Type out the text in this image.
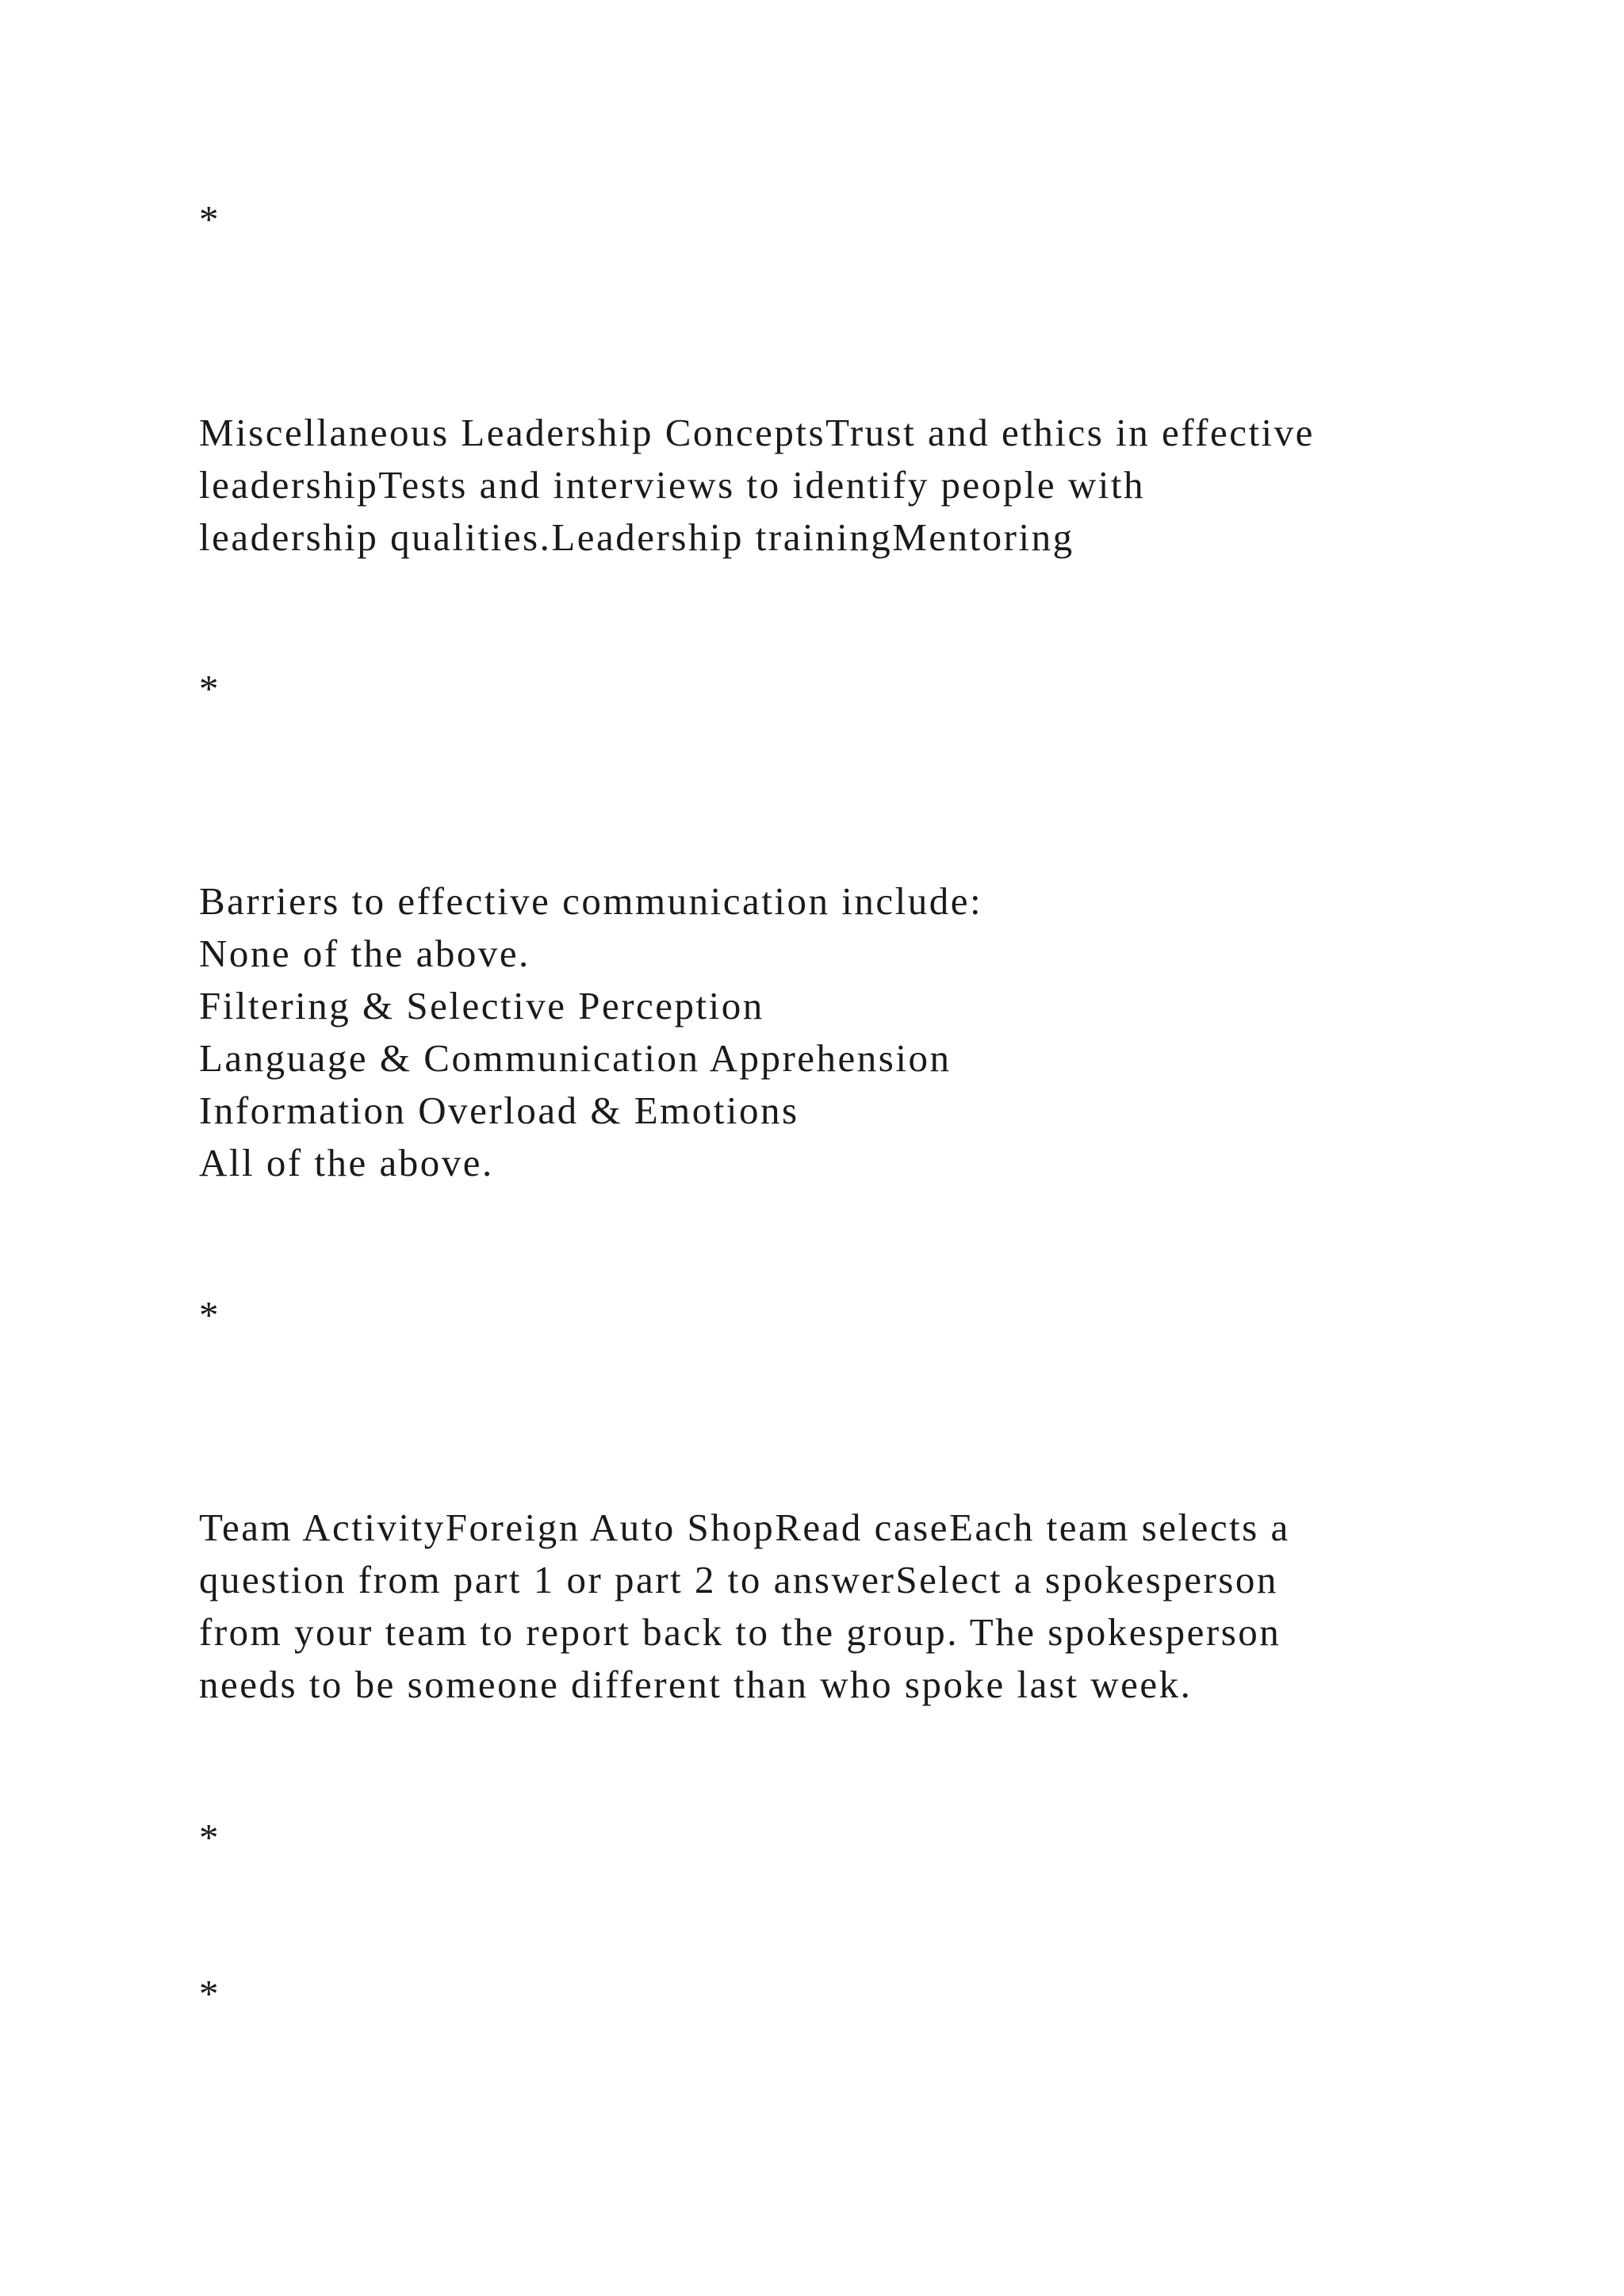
*
Miscellaneous Leadership ConceptsTrust and ethics in effective
leadershipTests and interviews to identify people with
leadership qualities.Leadership trainingMentoring
*
Barriers to effective communication include:
None of the above.
Filtering & Selective Perception
Language & Communication Apprehension
Information Overload & Emotions
All of the above.
*
Team ActivityForeign Auto ShopRead caseEach team selects a
question from part 1 or part 2 to answerSelect a spokesperson
from your team to report back to the group. The spokesperson
needs to be someone different than who spoke last week.
*
*
